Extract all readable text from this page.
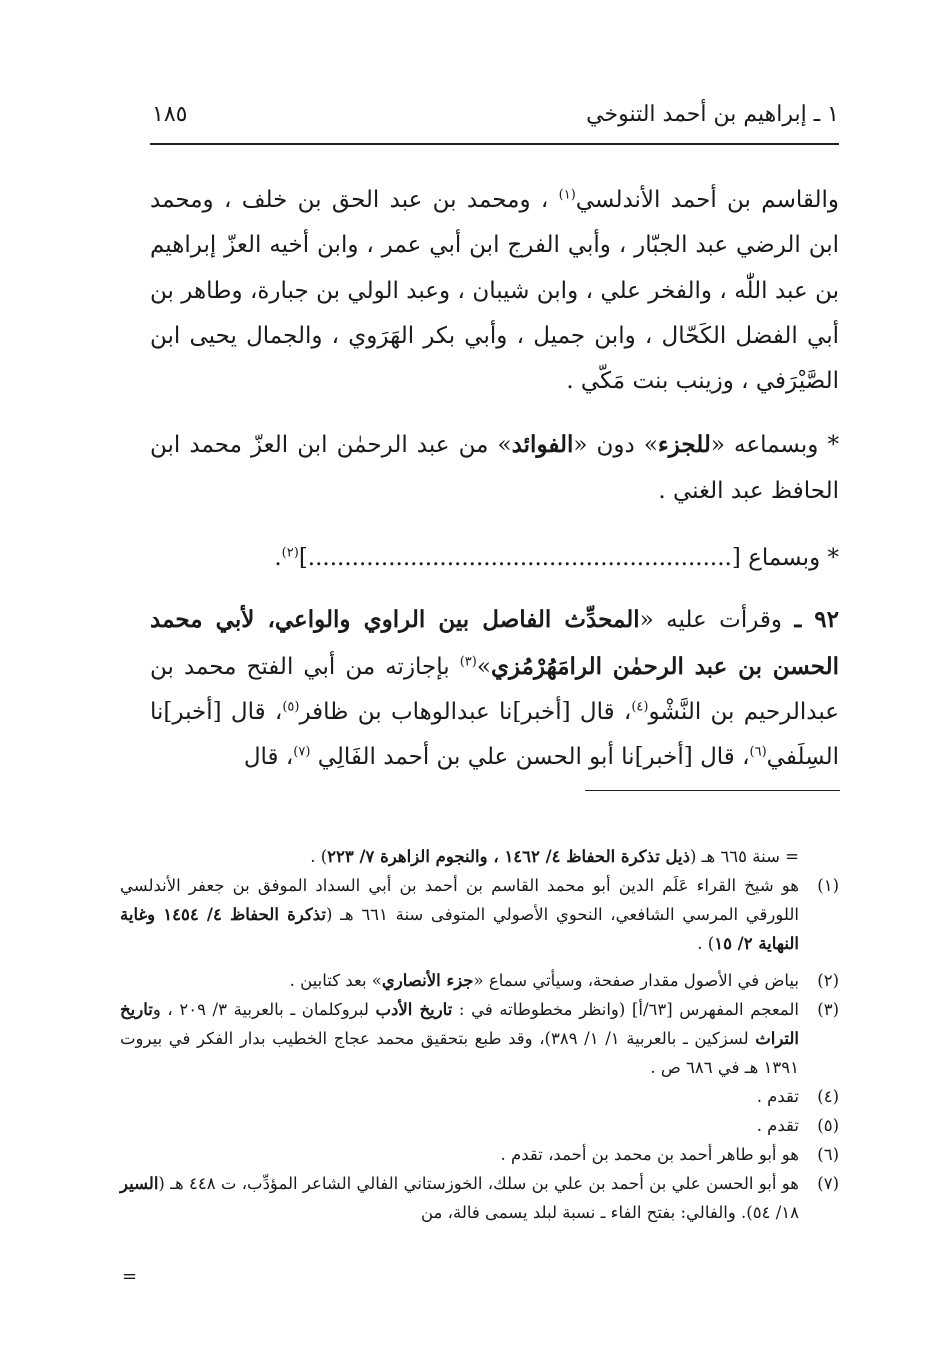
١ ـ إبراهيم بن أحمد التنوخي
١٨٥

والقاسم بن أحمد الأندلسي$^{(١)}$ ، ومحمد بن عبد الحق بن خلف ، ومحمد ابن الرضي عبد الجبّار ، وأبي الفرج ابن أبي عمر ، وابن أخيه العزّ إبراهيم بن عبد اللّٰه ، والفخر علي ، وابن شيبان ، وعبد الولي بن جبارة، وطاهر بن أبي الفضل الكَحّال ، وابن جميل ، وأبي بكر الهَرَوي ، والجمال يحيى ابن الصَّيْرَفي ، وزينب بنت مَكّي .

* وبسماعه «للجزء» دون «الفوائد» من عبد الرحمٰن ابن العزّ محمد ابن الحافظ عبد الغني .

* وبسماع [..........................................................]$^{(٢)}$.

٩٢ ـ وقرأت عليه «المحدِّث الفاصل بين الراوي والواعي، لأبي محمد الحسن بن عبد الرحمٰن الرامَهُرْمُزي»$^{(٣)}$ بإجازته من أبي الفتح محمد بن عبدالرحيم بن النَّشْو$^{(٤)}$، قال [أخبر]نا عبدالوهاب بن ظافر$^{(٥)}$، قال [أخبر]نا السِلَفي$^{(٦)}$، قال [أخبر]نا أبو الحسن علي بن أحمد الفَالِي $^{(٧)}$، قال

= سنة ٦٦٥ هـ (ذيل تذكرة الحفاظ ٤/ ١٤٦٢ ، والنجوم الزاهرة ٧/ ٢٢٣) .

(١)
هو شيخ القراء عَلَم الدين أبو محمد القاسم بن أحمد بن أبي السداد الموفق بن جعفر الأندلسي اللورقي المرسي الشافعي، النحوي الأصولي المتوفى سنة ٦٦١ هـ (تذكرة الحفاظ ٤/ ١٤٥٤ وغاية النهاية ٢/ ١٥) .

(٢)
بياض في الأصول مقدار صفحة، وسيأتي سماع «جزء الأنصاري» بعد كتابين .

(٣)
المعجم المفهرس [٦٣/أ] (وانظر مخطوطاته في : تاريخ الأدب لبروكلمان ـ بالعربية ٣/ ٢٠٩ ، وتاريخ التراث لسزكين ـ بالعربية ١/ ١/ ٣٨٩)، وقد طبع بتحقيق محمد عجاج الخطيب بدار الفكر في بيروت ١٣٩١ هـ في ٦٨٦ ص .

(٤)
تقدم .

(٥)
تقدم .

(٦)
هو أبو طاهر أحمد بن محمد بن أحمد، تقدم .

(٧)
هو أبو الحسن علي بن أحمد بن علي بن سلك، الخوزستاني الفالي الشاعر المؤدِّب، ت ٤٤٨ هـ (السير ١٨/ ٥٤). والفالي: بفتح الفاء ـ نسبة لبلد يسمى فالة، من

=
